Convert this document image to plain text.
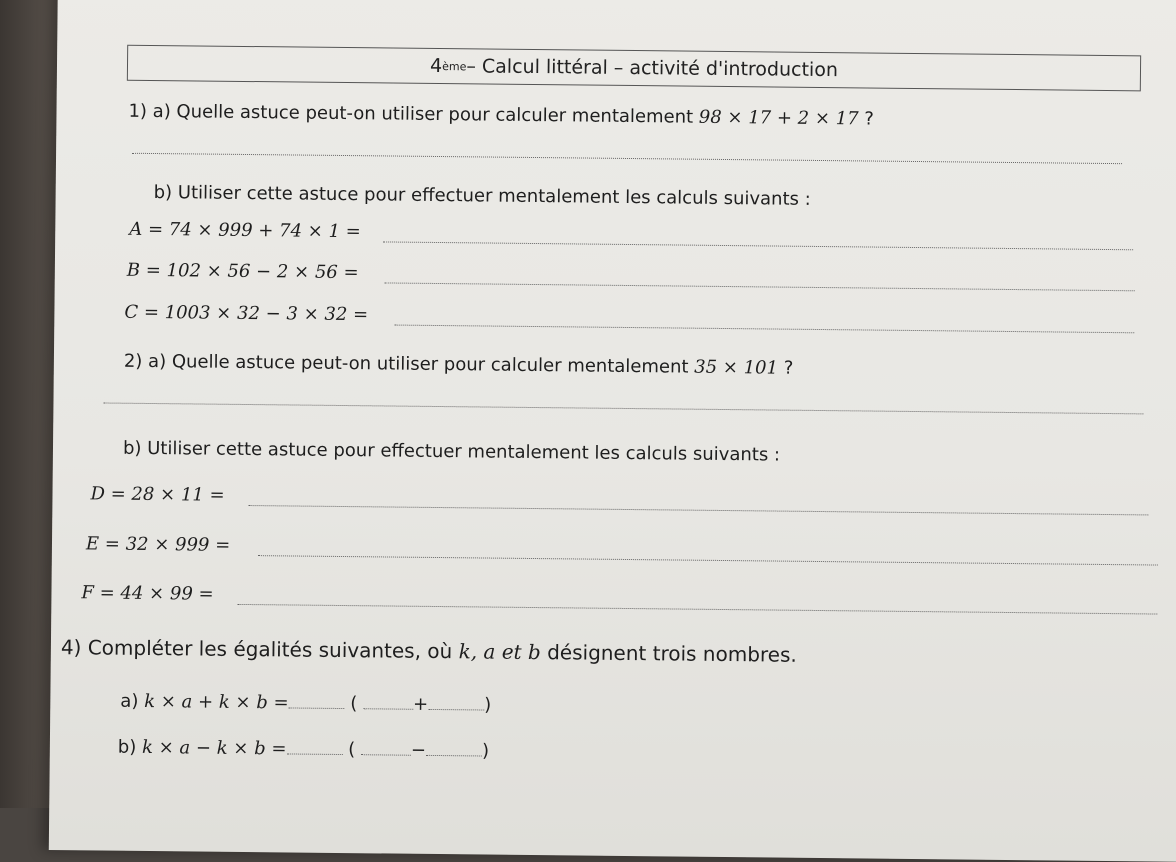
4 ème – Calcul littéral – activité d'introduction
1) a) Quelle astuce peut-on utiliser pour calculer mentalement 98 × 17 + 2 × 17 ?
b) Utiliser cette astuce pour effectuer mentalement les calculs suivants :
A = 74 × 999 + 74 × 1 =
B = 102 × 56 − 2 × 56 =
C = 1003 × 32 − 3 × 32 =
2) a) Quelle astuce peut-on utiliser pour calculer mentalement 35 × 101 ?
b) Utiliser cette astuce pour effectuer mentalement les calculs suivants :
D = 28 × 11 =
E = 32 × 999 =
F = 44 × 99 =
4) Compléter les égalités suivantes, où k, a et b désignent trois nombres.
a) k × a + k × b =	(	+	)
b) k × a − k × b =	(	−	)
